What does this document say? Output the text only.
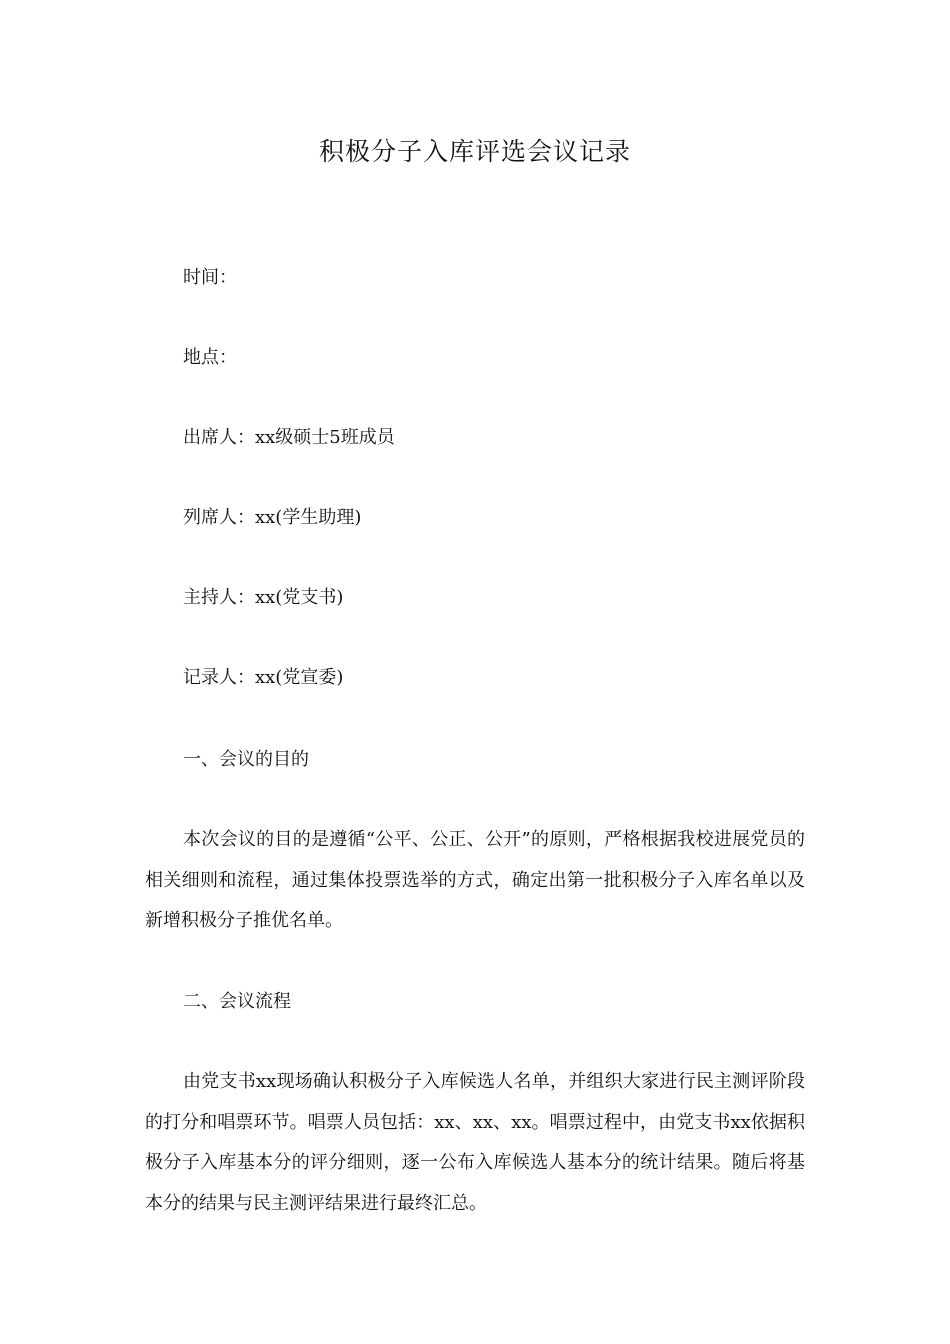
积极分子入库评选会议记录
时间：
地点：
出席人：xx级硕士5班成员
列席人：xx(学生助理)
主持人：xx(党支书)
记录人：xx(党宣委)
一、会议的目的
本次会议的目的是遵循“公平、公正、公开”的原则，严格根据我校进展党员的相关细则和流程，通过集体投票选举的方式，确定出第一批积极分子入库名单以及新增积极分子推优名单。
二、会议流程
由党支书xx现场确认积极分子入库候选人名单，并组织大家进行民主测评阶段的打分和唱票环节。唱票人员包括：xx、xx、xx。唱票过程中，由党支书xx依据积极分子入库基本分的评分细则，逐一公布入库候选人基本分的统计结果。随后将基本分的结果与民主测评结果进行最终汇总。
